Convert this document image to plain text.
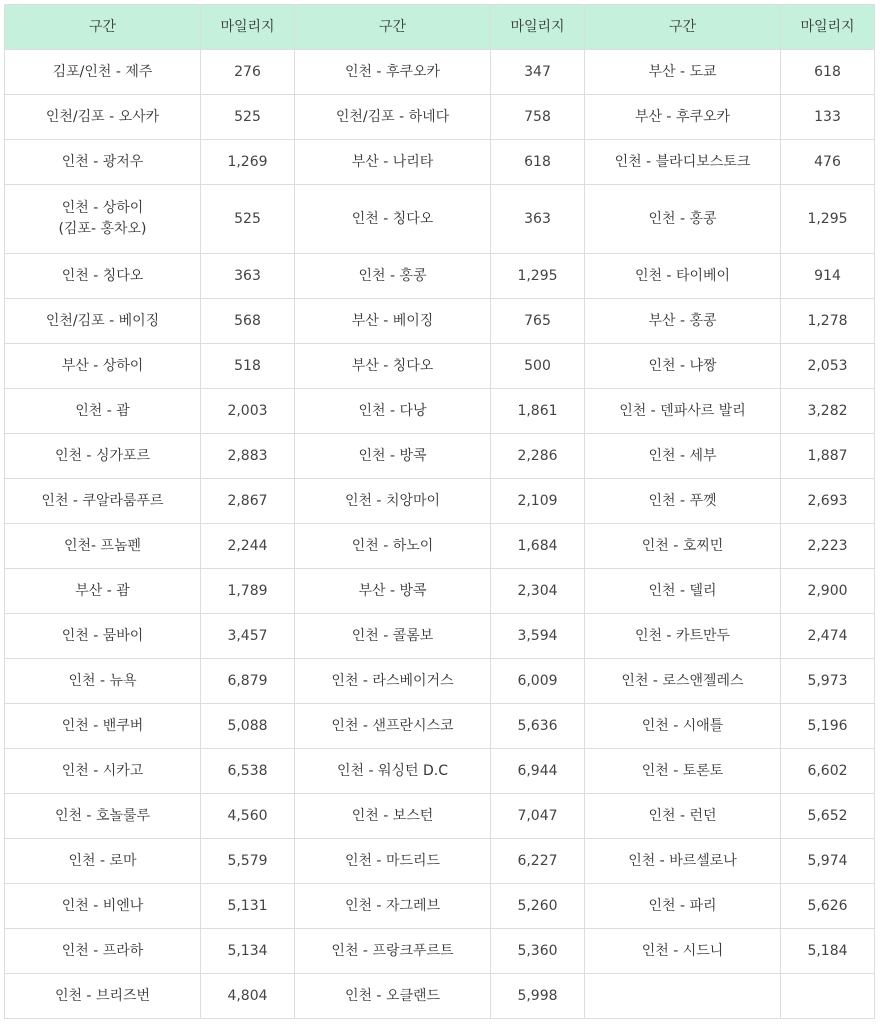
구간	마일리지	구간	마일리지	구간	마일리지
김포/인천 - 제주	276	인천 - 후쿠오카	347	부산 - 도쿄	618
인천/김포 - 오사카	525	인천/김포 - 하네다	758	부산 - 후쿠오카	133
인천 - 광저우	1,269	부산 - 나리타	618	인천 - 블라디보스토크	476
인천 - 상하이
(김포- 홍차오)	525	인천 - 칭다오	363	인천 - 홍콩	1,295
인천 - 칭다오	363	인천 - 홍콩	1,295	인천 - 타이베이	914
인천/김포 - 베이징	568	부산 - 베이징	765	부산 - 홍콩	1,278
부산 - 상하이	518	부산 - 칭다오	500	인천 - 냐짱	2,053
인천 - 괌	2,003	인천 - 다낭	1,861	인천 - 덴파사르 발리	3,282
인천 - 싱가포르	2,883	인천 - 방콕	2,286	인천 - 세부	1,887
인천 - 쿠알라룸푸르	2,867	인천 - 치앙마이	2,109	인천 - 푸껫	2,693
인천- 프놈펜	2,244	인천 - 하노이	1,684	인천 - 호찌민	2,223
부산 - 괌	1,789	부산 - 방콕	2,304	인천 - 델리	2,900
인천 - 뭄바이	3,457	인천 - 콜롬보	3,594	인천 - 카트만두	2,474
인천 - 뉴욕	6,879	인천 - 라스베이거스	6,009	인천 - 로스앤젤레스	5,973
인천 - 밴쿠버	5,088	인천 - 샌프란시스코	5,636	인천 - 시애틀	5,196
인천 - 시카고	6,538	인천 - 워싱턴 D.C	6,944	인천 - 토론토	6,602
인천 - 호놀룰루	4,560	인천 - 보스턴	7,047	인천 - 런던	5,652
인천 - 로마	5,579	인천 - 마드리드	6,227	인천 - 바르셀로나	5,974
인천 - 비엔나	5,131	인천 - 자그레브	5,260	인천 - 파리	5,626
인천 - 프라하	5,134	인천 - 프랑크푸르트	5,360	인천 - 시드니	5,184
인천 - 브리즈번	4,804	인천 - 오클랜드	5,998		
